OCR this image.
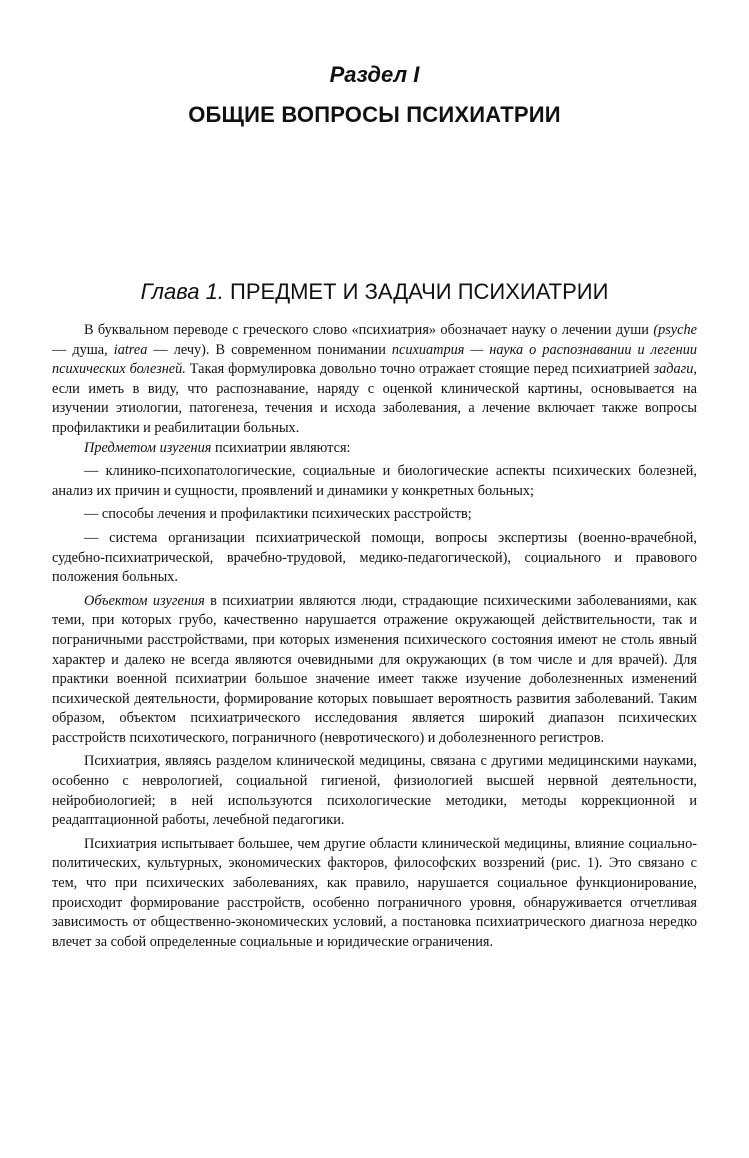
Раздел I
ОБЩИЕ ВОПРОСЫ ПСИХИАТРИИ
Глава 1. ПРЕДМЕТ И ЗАДАЧИ ПСИХИАТРИИ

В буквальном переводе с греческого слово «психиатрия» обозначает науку о лечении души (psyche — душа, iatrea — лечу). В современном понимании психиатрия — наука о распознавании и легении психических болезней. Такая формулировка довольно точно отражает стоящие перед психиатрией задаги, если иметь в виду, что распознавание, наряду с оценкой клинической картины, основывается на изучении этиологии, патогенеза, течения и исхода заболевания, а лечение включает также вопросы профилактики и реабилитации больных.

Предметом изугения психиатрии являются:

— клинико-психопатологические, социальные и биологические аспекты психических болезней, анализ их причин и сущности, проявлений и динамики у конкретных больных;

— способы лечения и профилактики психических расстройств;

— система организации психиатрической помощи, вопросы экспертизы (военно-врачебной, судебно-психиатрической, врачебно-трудовой, медико-педагогической), социального и правового положения больных.

Объектом изугения в психиатрии являются люди, страдающие психическими заболеваниями, как теми, при которых грубо, качественно нарушается отражение окружающей действительности, так и пограничными расстройствами, при которых изменения психического состояния имеют не столь явный характер и далеко не всегда являются очевидными для окружающих (в том числе и для врачей). Для практики военной психиатрии большое значение имеет также изучение доболезненных изменений психической деятельности, формирование которых повышает вероятность развития заболеваний. Таким образом, объектом психиатрического исследования является широкий диапазон психических расстройств психотического, пограничного (невротического) и доболезненного регистров.

Психиатрия, являясь разделом клинической медицины, связана с другими медицинскими науками, особенно с неврологией, социальной гигиеной, физиологией высшей нервной деятельности, нейробиологией; в ней используются психологические методики, методы коррекционной и реадаптационной работы, лечебной педагогики.

Психиатрия испытывает большее, чем другие области клинической медицины, влияние социально-политических, культурных, экономических факторов, философских воззрений (рис. 1). Это связано с тем, что при психических заболеваниях, как правило, нарушается социальное функционирование, происходит формирование расстройств, особенно пограничного уровня, обнаруживается отчетливая зависимость от общественно-экономических условий, а постановка психиатрического диагноза нередко влечет за собой определенные социальные и юридические ограничения.
